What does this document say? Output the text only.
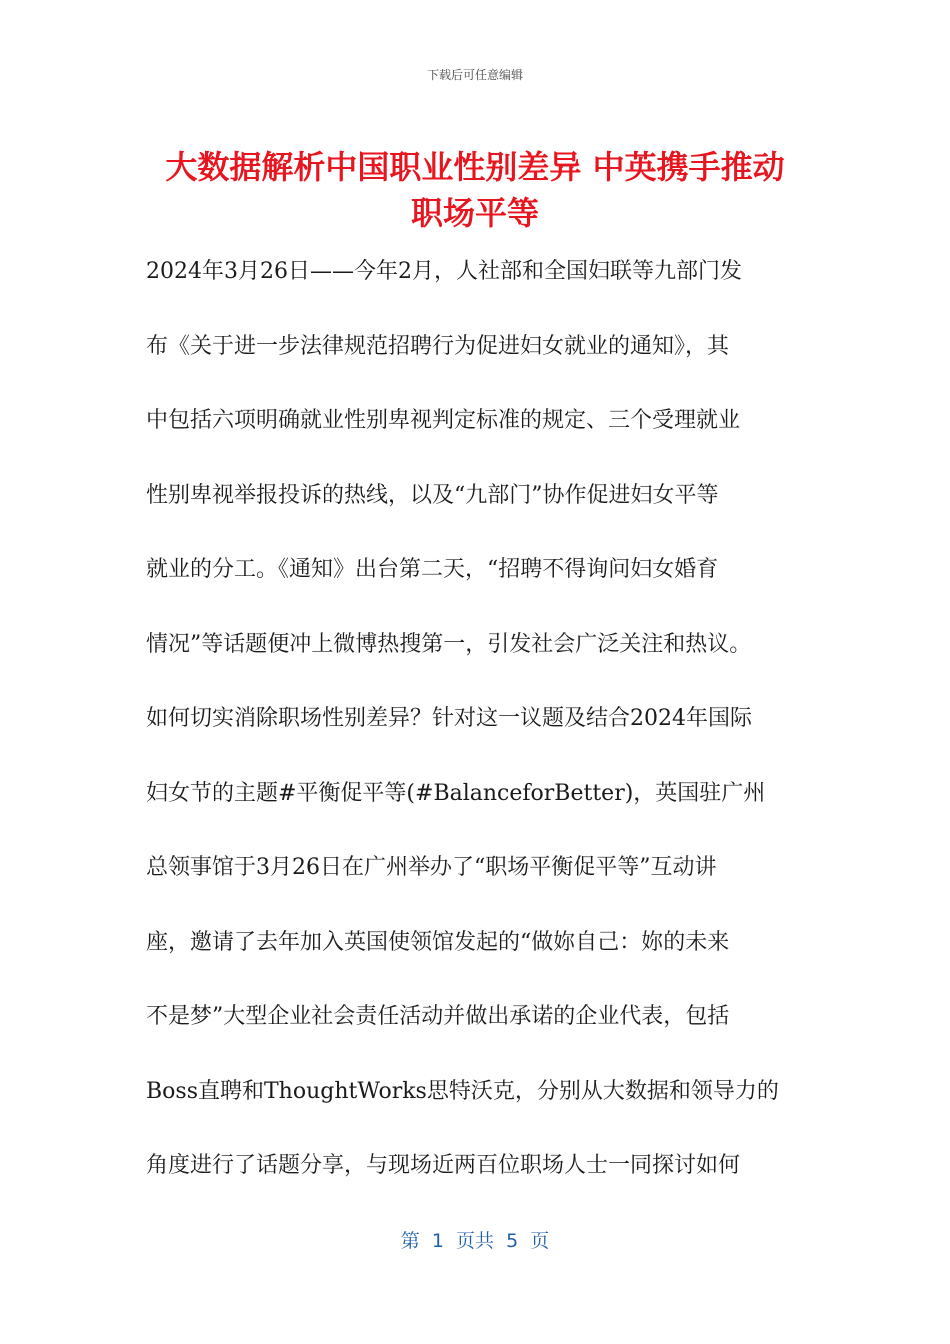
下载后可任意编辑
大数据解析中国职业性别差异 中英携手推动
职场平等
2024年3月26日——今年2月，人社部和全国妇联等九部门发
布《关于进一步法律规范招聘行为促进妇女就业的通知》，其
中包括六项明确就业性别卑视判定标准的规定、三个受理就业
性别卑视举报投诉的热线，以及“九部门”协作促进妇女平等
就业的分工。《通知》出台第二天，“招聘不得询问妇女婚育
情况”等话题便冲上微博热搜第一，引发社会广泛关注和热议。
如何切实消除职场性别差异？针对这一议题及结合2024年国际
妇女节的主题#平衡促平等(#BalanceforBetter)，英国驻广州
总领事馆于3月26日在广州举办了“职场平衡促平等”互动讲
座，邀请了去年加入英国使领馆发起的“做妳自己：妳的未来
不是梦”大型企业社会责任活动并做出承诺的企业代表，包括
Boss直聘和ThoughtWorks思特沃克，分别从大数据和领导力的
角度进行了话题分享，与现场近两百位职场人士一同探讨如何
第  1  页共  5  页
